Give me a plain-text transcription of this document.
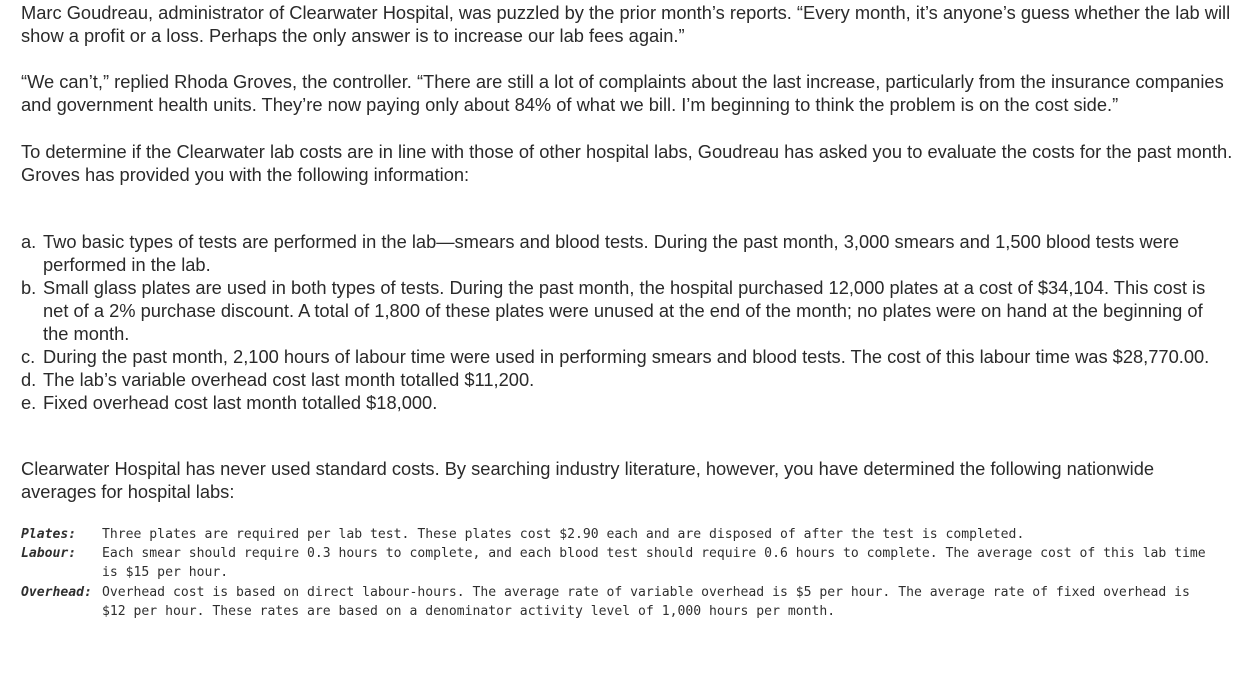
Marc Goudreau, administrator of Clearwater Hospital, was puzzled by the prior month’s reports. “Every month, it’s anyone’s guess whether the lab will show a profit or a loss. Perhaps the only answer is to increase our lab fees again.”

“We can’t,” replied Rhoda Groves, the controller. “There are still a lot of complaints about the last increase, particularly from the insurance companies and government health units. They’re now paying only about 84% of what we bill. I’m beginning to think the problem is on the cost side.”

To determine if the Clearwater lab costs are in line with those of other hospital labs, Goudreau has asked you to evaluate the costs for the past month. Groves has provided you with the following information:

a. Two basic types of tests are performed in the lab—smears and blood tests. During the past month, 3,000 smears and 1,500 blood tests were performed in the lab.
b. Small glass plates are used in both types of tests. During the past month, the hospital purchased 12,000 plates at a cost of $34,104. This cost is net of a 2% purchase discount. A total of 1,800 of these plates were unused at the end of the month; no plates were on hand at the beginning of the month.
c. During the past month, 2,100 hours of labour time were used in performing smears and blood tests. The cost of this labour time was $28,770.00.
d. The lab’s variable overhead cost last month totalled $11,200.
e. Fixed overhead cost last month totalled $18,000.

Clearwater Hospital has never used standard costs. By searching industry literature, however, you have determined the following nationwide averages for hospital labs:

Plates:	Three plates are required per lab test. These plates cost $2.90 each and are disposed of after the test is completed.
Labour:	Each smear should require 0.3 hours to complete, and each blood test should require 0.6 hours to complete. The average cost of this lab time is $15 per hour.
Overhead: Overhead cost is based on direct labour-hours. The average rate of variable overhead is $5 per hour. The average rate of fixed overhead is $12 per hour. These rates are based on a denominator activity level of 1,000 hours per month.
